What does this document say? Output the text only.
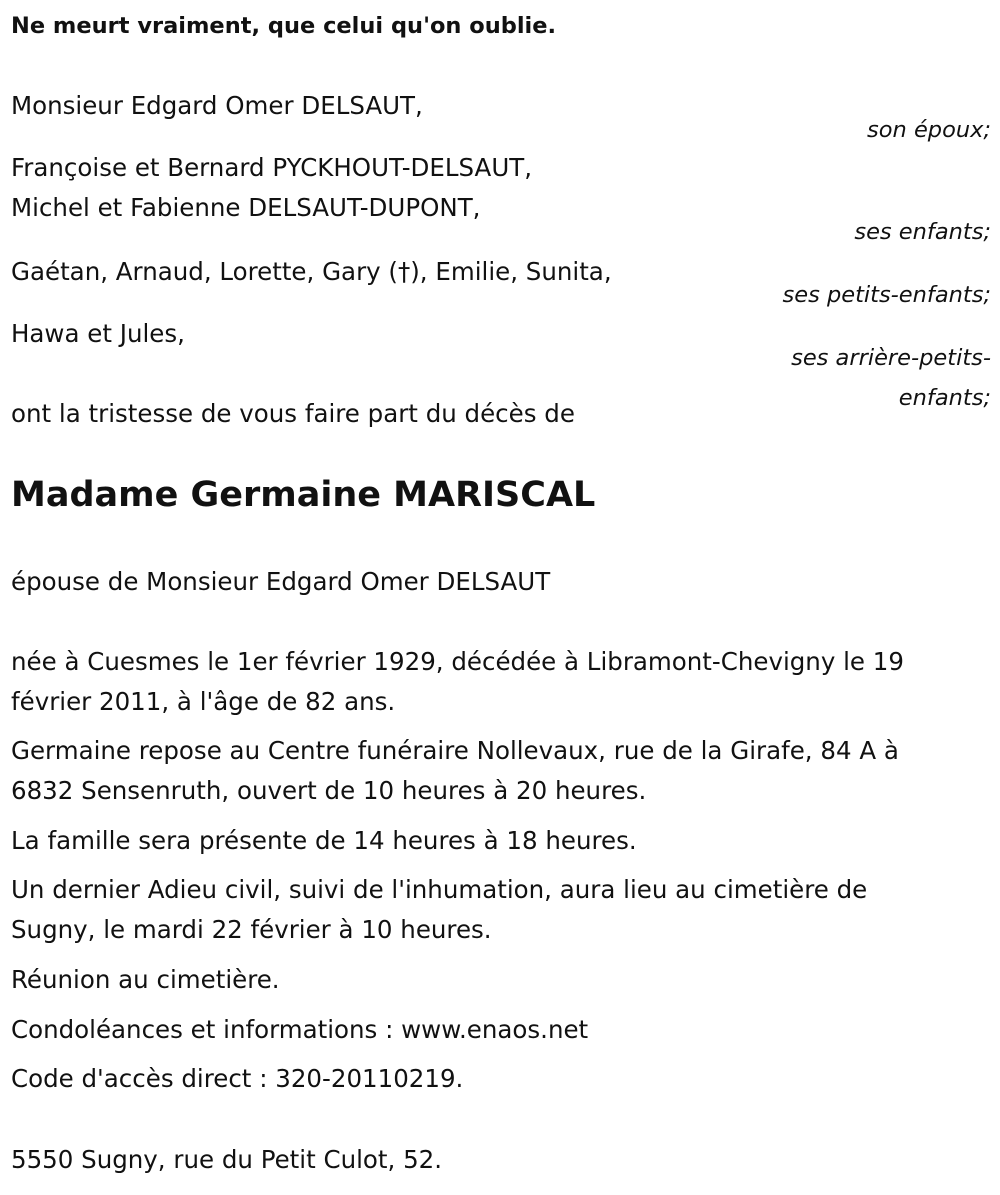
Ne meurt vraiment, que celui qu'on oublie.

Monsieur Edgard Omer DELSAUT,

son époux;

Françoise et Bernard PYCKHOUT-DELSAUT,

Michel et Fabienne DELSAUT-DUPONT,

ses enfants;

Gaétan, Arnaud, Lorette, Gary (†), Emilie, Sunita,

ses petits-enfants;

Hawa et Jules,

ses arrière-petits-

enfants;

ont la tristesse de vous faire part du décès de

Madame Germaine MARISCAL

épouse de Monsieur Edgard Omer DELSAUT

née à Cuesmes le 1er février 1929, décédée à Libramont-Chevigny le 19

février 2011, à l'âge de 82 ans.

Germaine repose au Centre funéraire Nollevaux, rue de la Girafe, 84 A à

6832 Sensenruth, ouvert de 10 heures à 20 heures.

La famille sera présente de 14 heures à 18 heures.

Un dernier Adieu civil, suivi de l'inhumation, aura lieu au cimetière de

Sugny, le mardi 22 février à 10 heures.

Réunion au cimetière.

Condoléances et informations : www.enaos.net

Code d'accès direct : 320-20110219.

5550 Sugny, rue du Petit Culot, 52.
